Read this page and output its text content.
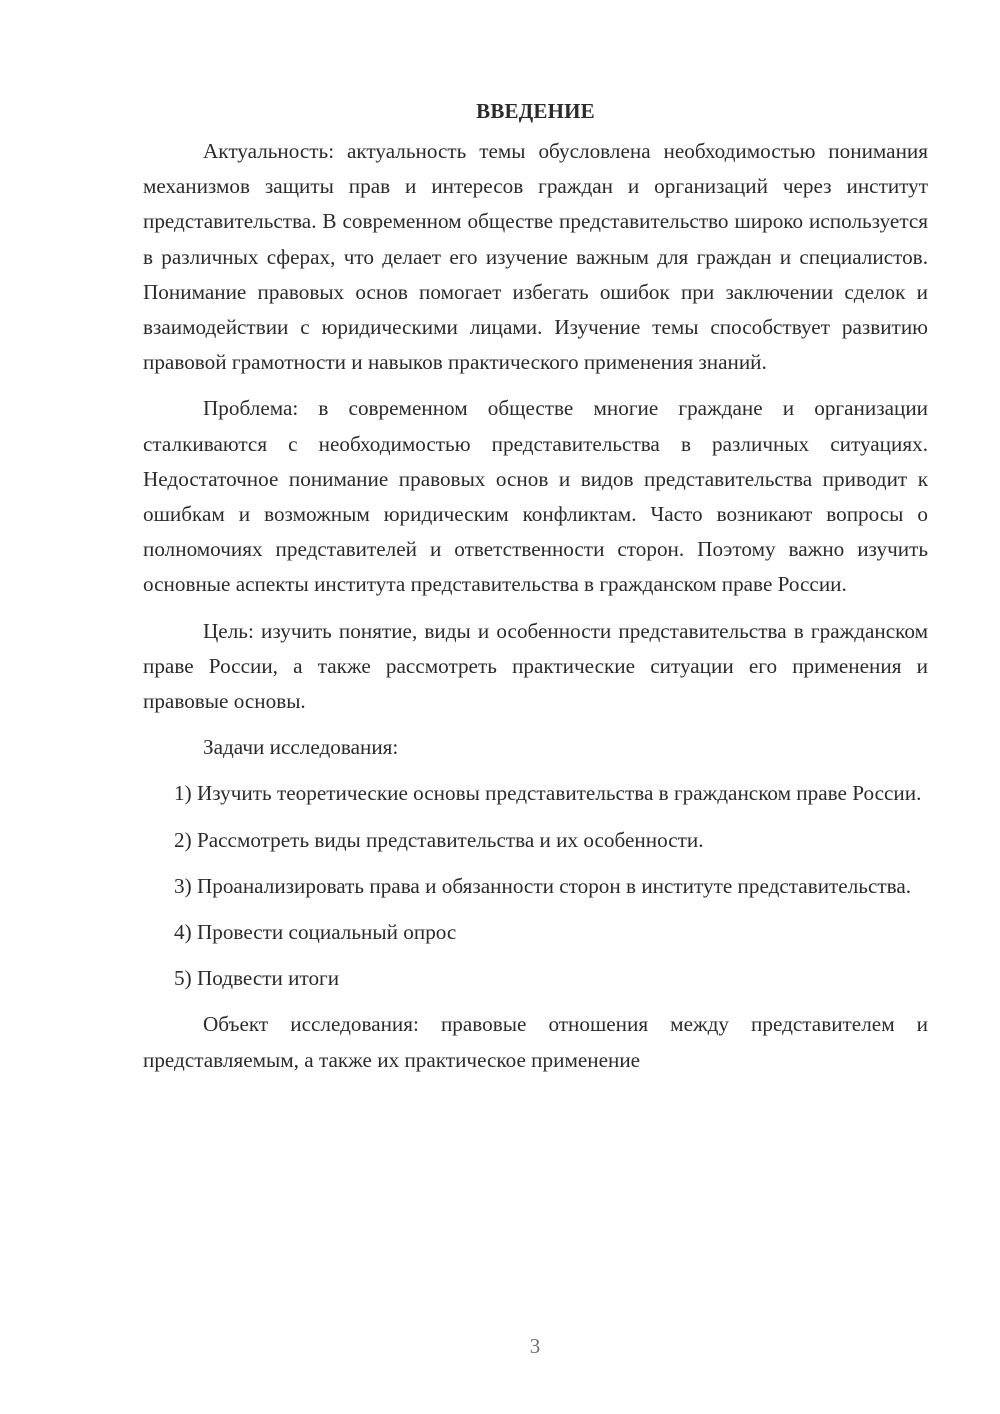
ВВЕДЕНИЕ

Актуальность: актуальность темы обусловлена необходимостью понимания механизмов защиты прав и интересов граждан и организаций через институт представительства. В современном обществе представительство широко используется в различных сферах, что делает его изучение важным для граждан и специалистов. Понимание правовых основ помогает избегать ошибок при заключении сделок и взаимодействии с юридическими лицами. Изучение темы способствует развитию правовой грамотности и навыков практического применения знаний.

Проблема: в современном обществе многие граждане и организации сталкиваются с необходимостью представительства в различных ситуациях. Недостаточное понимание правовых основ и видов представительства приводит к ошибкам и возможным юридическим конфликтам. Часто возникают вопросы о полномочиях представителей и ответственности сторон. Поэтому важно изучить основные аспекты института представительства в гражданском праве России.

Цель: изучить понятие, виды и особенности представительства в гражданском праве России, а также рассмотреть практические ситуации его применения и правовые основы.

Задачи исследования:

1) Изучить теоретические основы представительства в гражданском праве России.

2) Рассмотреть виды представительства и их особенности.

3) Проанализировать права и обязанности сторон в институте представительства.

4) Провести социальный опрос

5) Подвести итоги

Объект исследования: правовые отношения между представителем и представляемым, а также их практическое применение

3
